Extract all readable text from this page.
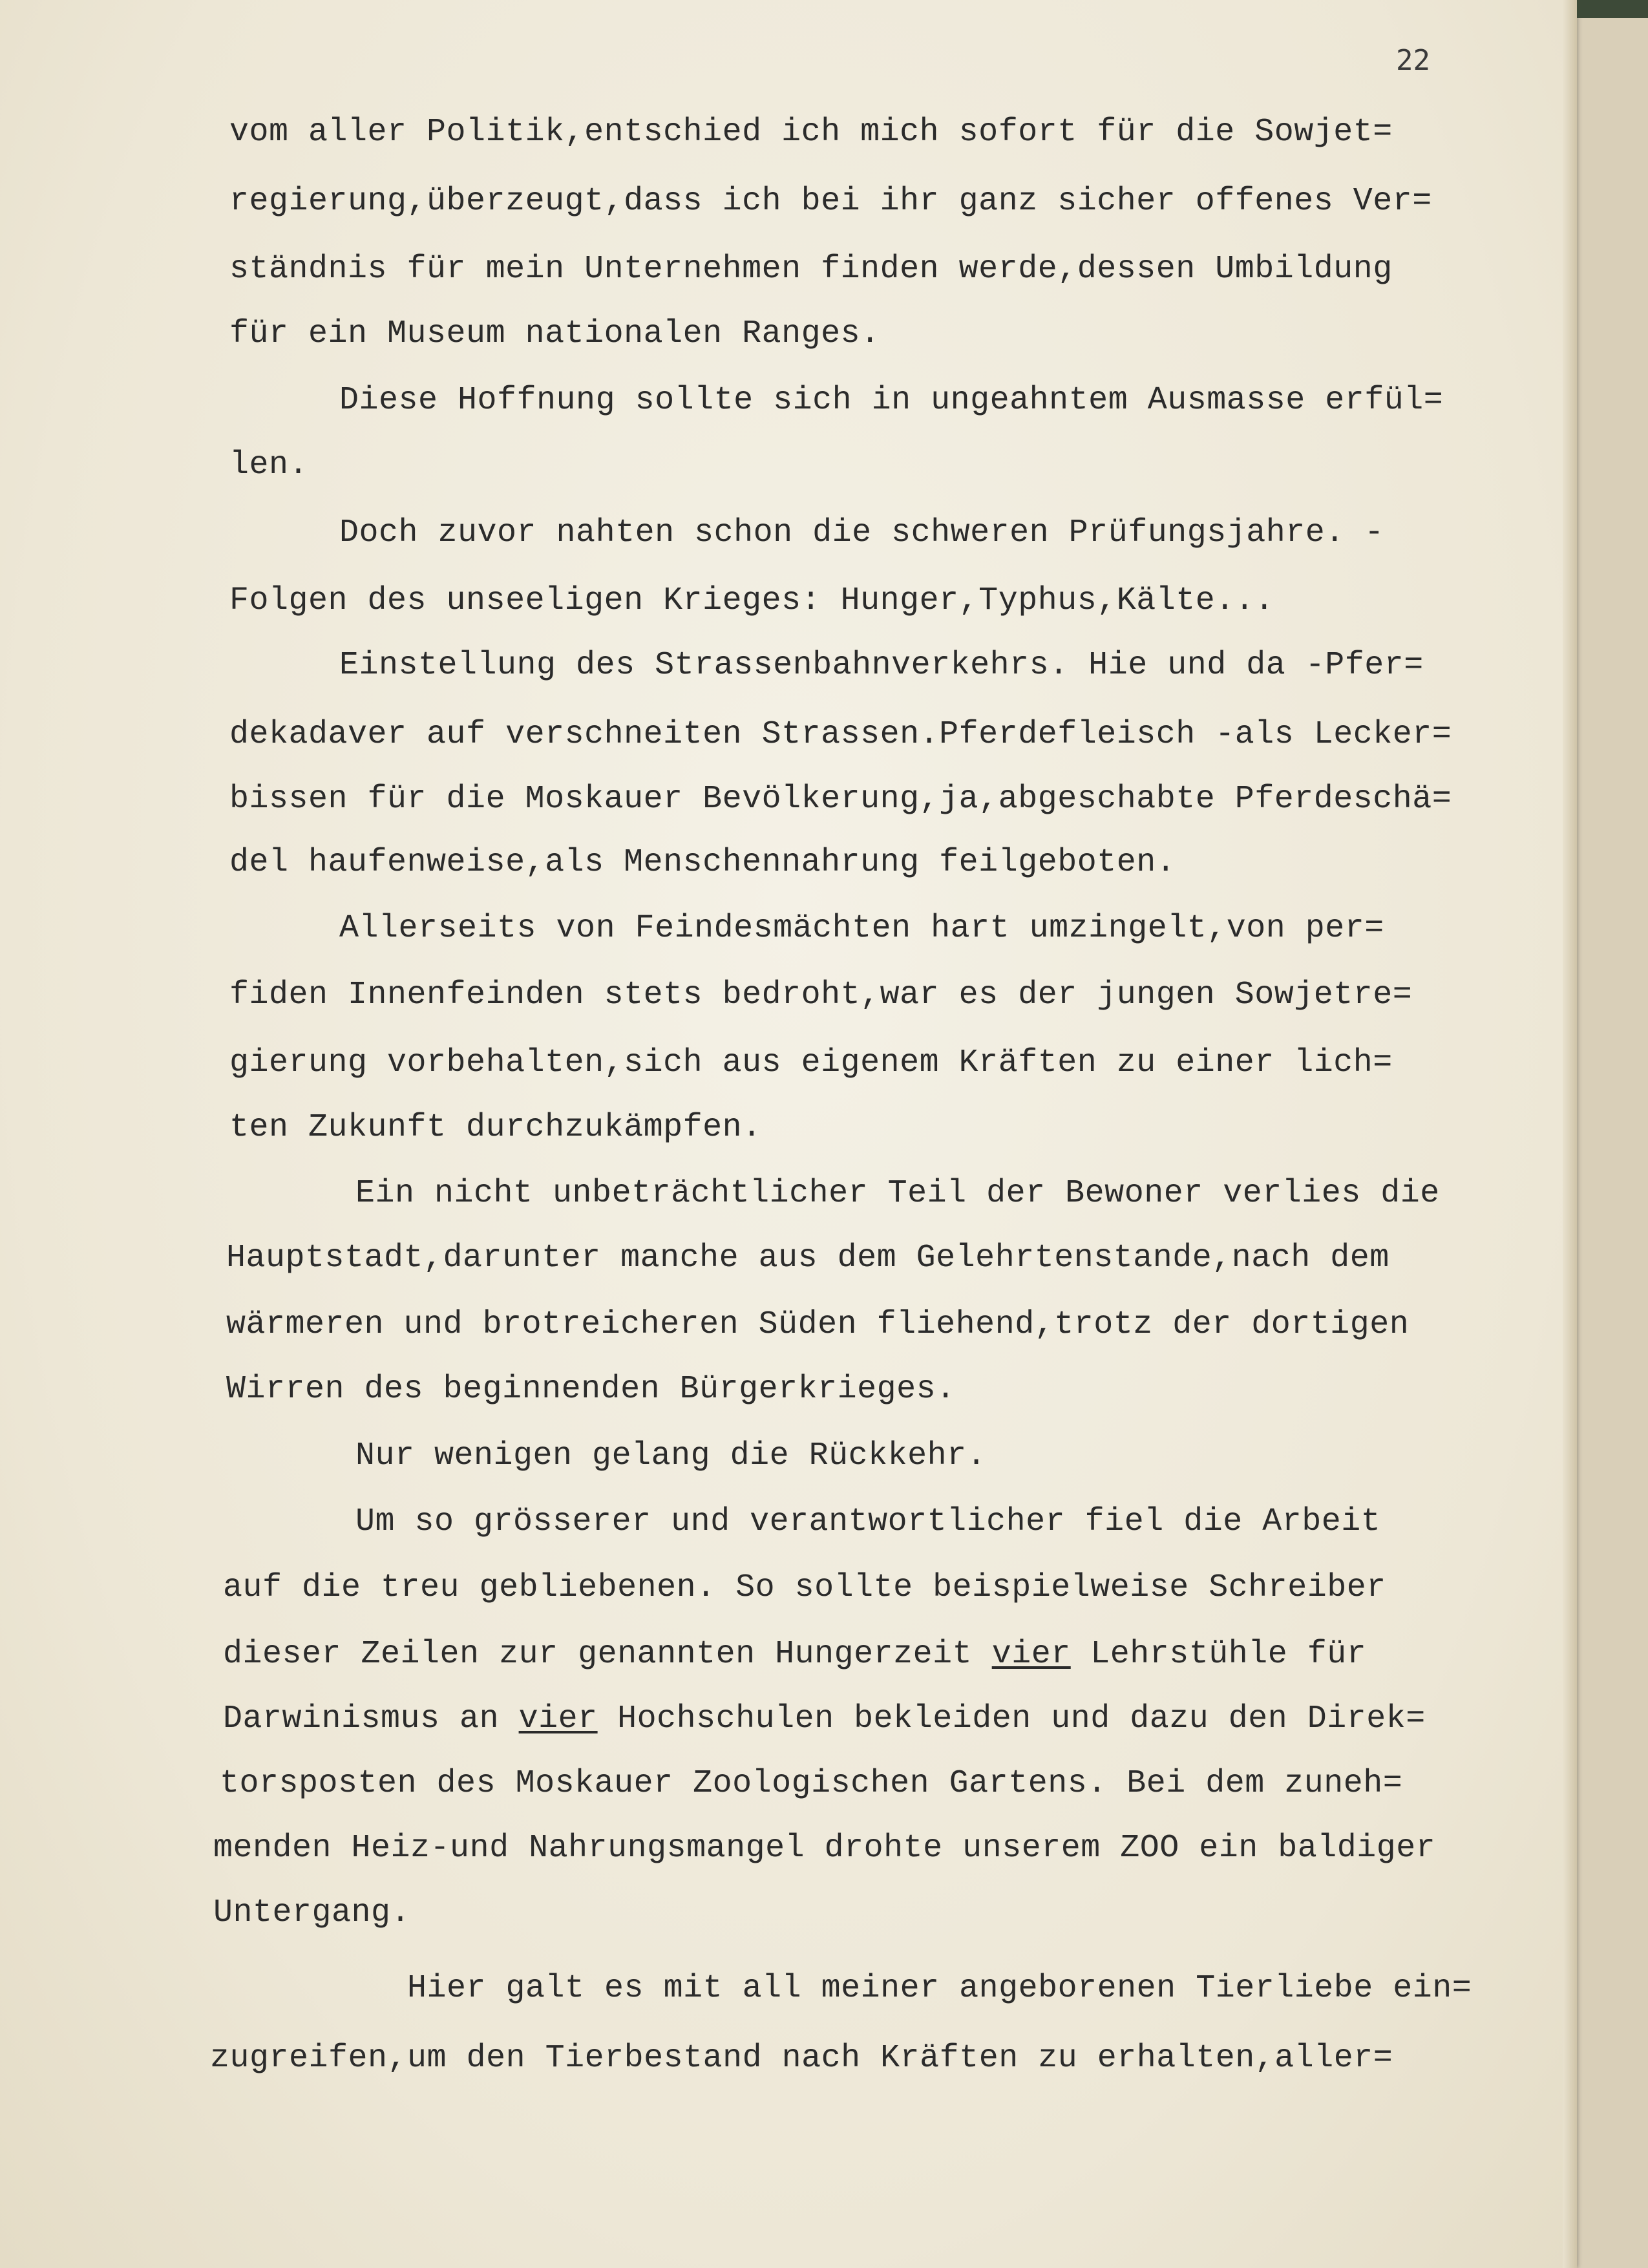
22
vom aller Politik,entschied ich mich sofort für die Sowjet=
regierung,überzeugt,dass ich bei ihr ganz sicher offenes Ver=
ständnis für mein Unternehmen finden werde,dessen Umbildung
für ein Museum nationalen Ranges.
Diese Hoffnung sollte sich in ungeahntem Ausmasse erfül=
len.
Doch zuvor nahten schon die schweren Prüfungsjahre. -
Folgen des unseeligen Krieges: Hunger,Typhus,Kälte...
Einstellung des Strassenbahnverkehrs. Hie und da -Pfer=
dekadaver auf verschneiten Strassen.Pferdefleisch -als Lecker=
bissen für die Moskauer Bevölkerung,ja,abgeschabte Pferdeschä=
del haufenweise,als Menschennahrung feilgeboten.
Allerseits von Feindesmächten hart umzingelt,von per=
fiden Innenfeinden stets bedroht,war es der jungen Sowjetre=
gierung vorbehalten,sich aus eigenem Kräften zu einer lich=
ten Zukunft durchzukämpfen.
Ein nicht unbeträchtlicher Teil der Bewoner verlies die
Hauptstadt,darunter manche aus dem Gelehrtenstande,nach dem
wärmeren und brotreicheren Süden fliehend,trotz der dortigen
Wirren des beginnenden Bürgerkrieges.
Nur wenigen gelang die Rückkehr.
Um so grösserer und verantwortlicher fiel die Arbeit
auf die treu gebliebenen. So sollte beispielweise Schreiber
dieser Zeilen zur genannten Hungerzeit vier Lehrstühle für
Darwinismus an vier Hochschulen bekleiden und dazu den Direk=
torsposten des Moskauer Zoologischen Gartens. Bei dem zuneh=
menden Heiz-und Nahrungsmangel drohte unserem ZOO ein baldiger
Untergang.
Hier galt es mit all meiner angeborenen Tierliebe ein=
zugreifen,um den Tierbestand nach Kräften zu erhalten,aller=
